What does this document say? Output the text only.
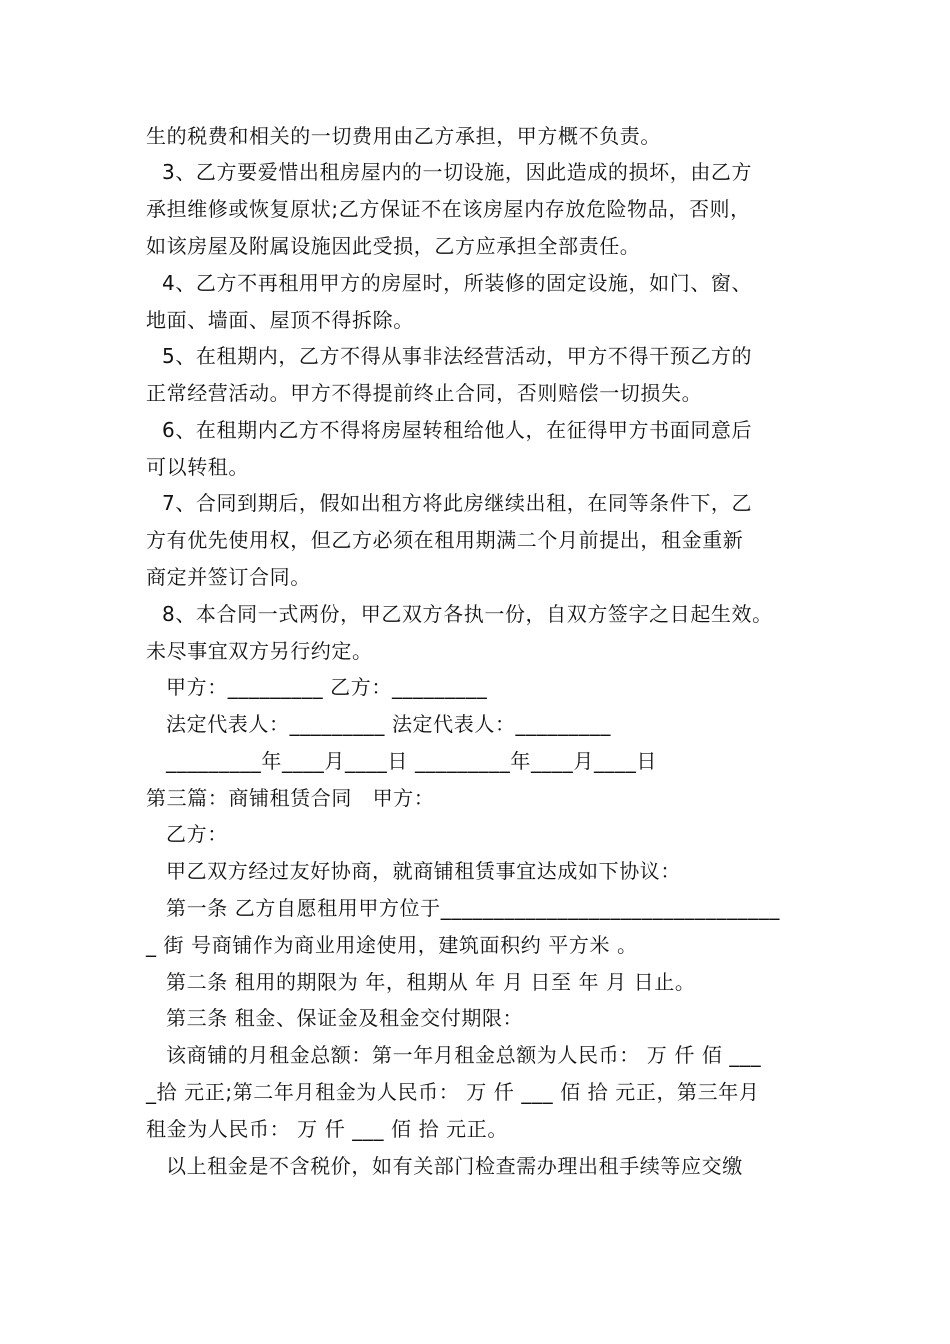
生的税费和相关的一切费用由乙方承担，甲方概不负责。
3、乙方要爱惜出租房屋内的一切设施，因此造成的损坏，由乙方
承担维修或恢复原状;乙方保证不在该房屋内存放危险物品，否则，
如该房屋及附属设施因此受损，乙方应承担全部责任。
4、乙方不再租用甲方的房屋时，所装修的固定设施，如门、窗、
地面、墙面、屋顶不得拆除。
5、在租期内，乙方不得从事非法经营活动，甲方不得干预乙方的
正常经营活动。甲方不得提前终止合同，否则赔偿一切损失。
6、在租期内乙方不得将房屋转租给他人，在征得甲方书面同意后
可以转租。
7、合同到期后，假如出租方将此房继续出租，在同等条件下，乙
方有优先使用权，但乙方必须在租用期满二个月前提出，租金重新
商定并签订合同。
8、本合同一式两份，甲乙双方各执一份，自双方签字之日起生效。
未尽事宜双方另行约定。
甲方：_________ 乙方：_________
法定代表人：_________ 法定代表人：_________
_________年____月____日 _________年____月____日
第三篇：商铺租赁合同　甲方：
乙方：
甲乙双方经过友好协商，就商铺租赁事宜达成如下协议：
第一条 乙方自愿租用甲方位于________________________________
_ 街 号商铺作为商业用途使用，建筑面积约 平方米 。
第二条 租用的期限为 年，租期从 年 月 日至 年 月 日止。
第三条 租金、保证金及租金交付期限：
该商铺的月租金总额：第一年月租金总额为人民币： 万 仟 佰 ___
_拾 元正;第二年月租金为人民币： 万 仟 ___ 佰 拾 元正，第三年月
租金为人民币： 万 仟 ___ 佰 拾 元正。
以上租金是不含税价，如有关部门检查需办理出租手续等应交缴
